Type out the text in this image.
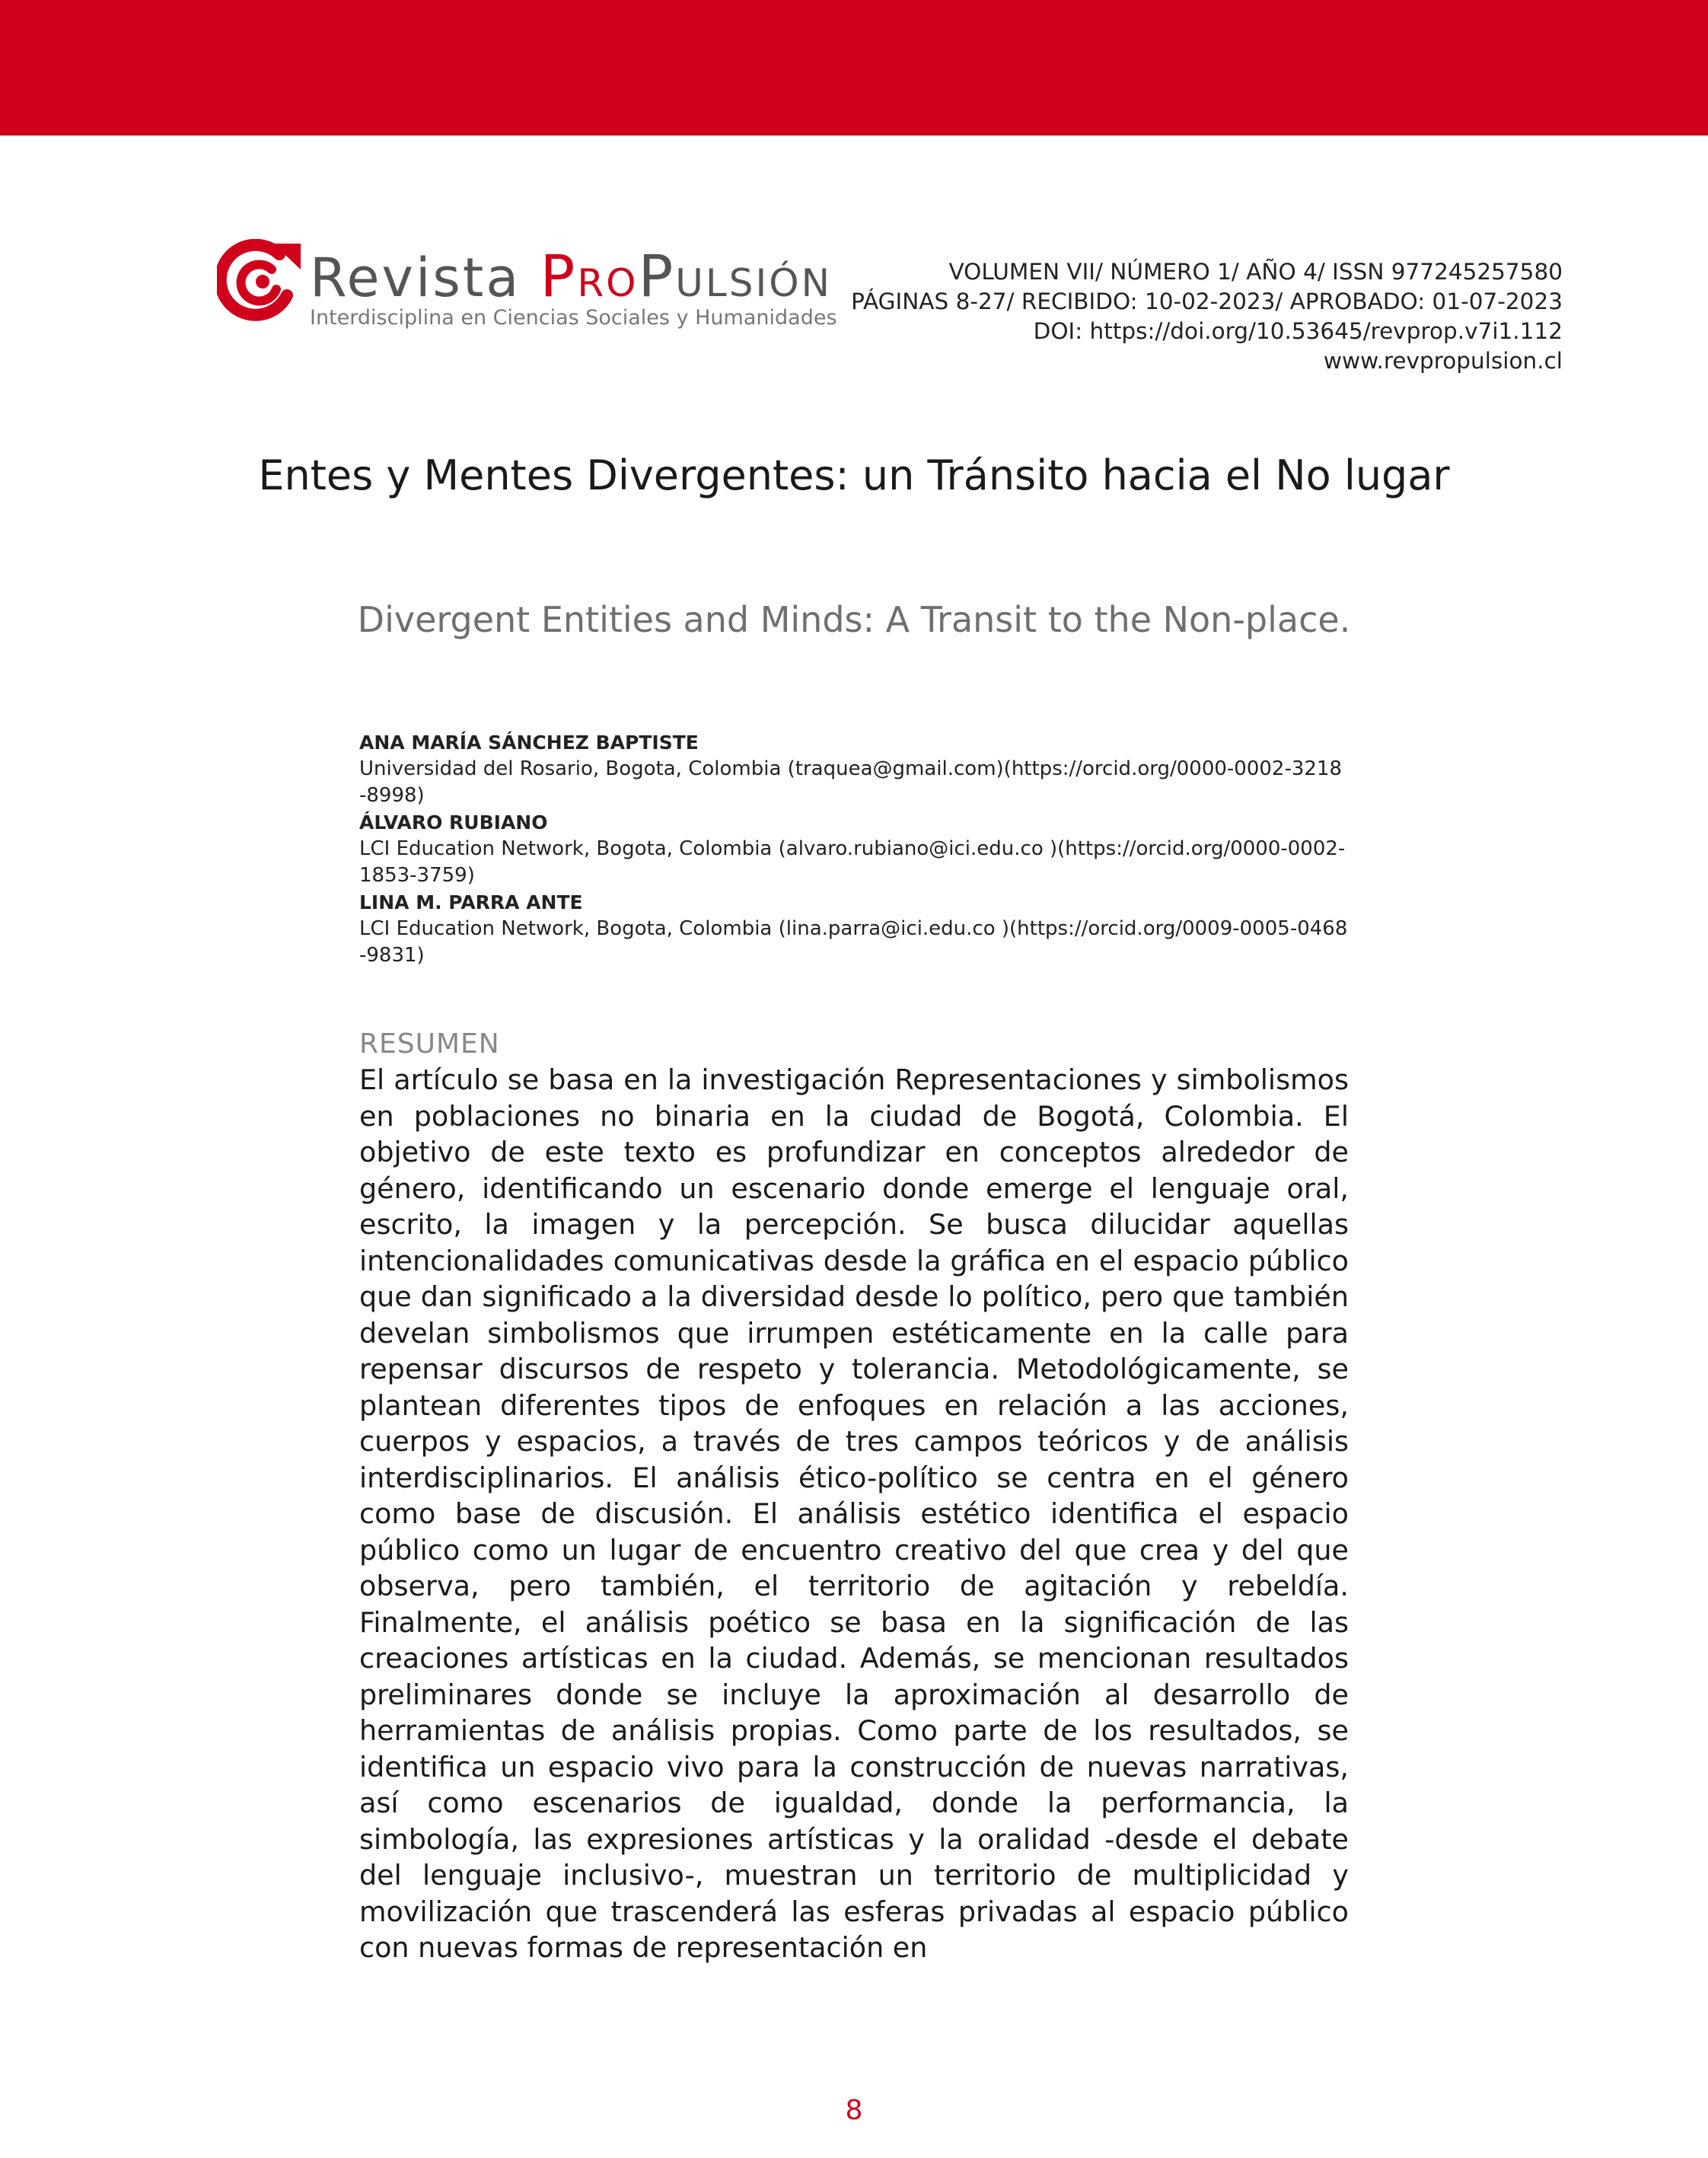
Revista PROPULSIÓN
Interdisciplina en Ciencias Sociales y Humanidades
VOLUMEN VII/ NÚMERO 1/ AÑO 4/ ISSN 977245257580
PÁGINAS 8-27/ RECIBIDO: 10-02-2023/ APROBADO: 01-07-2023
DOI: https://doi.org/10.53645/revprop.v7i1.112
www.revpropulsion.cl
Entes y Mentes Divergentes: un Tránsito hacia el No lugar
Divergent Entities and Minds: A Transit to the Non-place.
ANA MARÍA SÁNCHEZ BAPTISTE
Universidad del Rosario, Bogota, Colombia (traquea@gmail.com)(https://orcid.org/0000-0002-3218-8998)
ÁLVARO RUBIANO
LCI Education Network, Bogota, Colombia (alvaro.rubiano@ici.edu.co )(https://orcid.org/0000-0002-1853-3759)
LINA M. PARRA ANTE
LCI Education Network, Bogota, Colombia (lina.parra@ici.edu.co )(https://orcid.org/0009-0005-0468-9831)
RESUMEN
El artículo se basa en la investigación Representaciones y simbolismos en poblaciones no binaria en la ciudad de Bogotá, Colombia. El objetivo de este texto es profundizar en conceptos alrededor de género, identificando un escenario donde emerge el lenguaje oral, escrito, la imagen y la percepción. Se busca dilucidar aquellas intencionalidades comunicativas desde la gráfica en el espacio público que dan significado a la diversidad desde lo político, pero que también develan simbolismos que irrumpen estéticamente en la calle para repensar discursos de respeto y tolerancia. Metodológicamente, se plantean diferentes tipos de enfoques en relación a las acciones, cuerpos y espacios, a través de tres campos teóricos y de análisis interdisciplinarios. El análisis ético-político se centra en el género como base de discusión. El análisis estético identifica el espacio público como un lugar de encuentro creativo del que crea y del que observa, pero también, el territorio de agitación y rebeldía. Finalmente, el análisis poético se basa en la significación de las creaciones artísticas en la ciudad. Además, se mencionan resultados preliminares donde se incluye la aproximación al desarrollo de herramientas de análisis propias. Como parte de los resultados, se identifica un espacio vivo para la construcción de nuevas narrativas, así como escenarios de igualdad, donde la performancia, la simbología, las expresiones artísticas y la oralidad -desde el debate del lenguaje inclusivo-, muestran un territorio de multiplicidad y movilización que trascenderá las esferas privadas al espacio público con nuevas formas de representación en
8
